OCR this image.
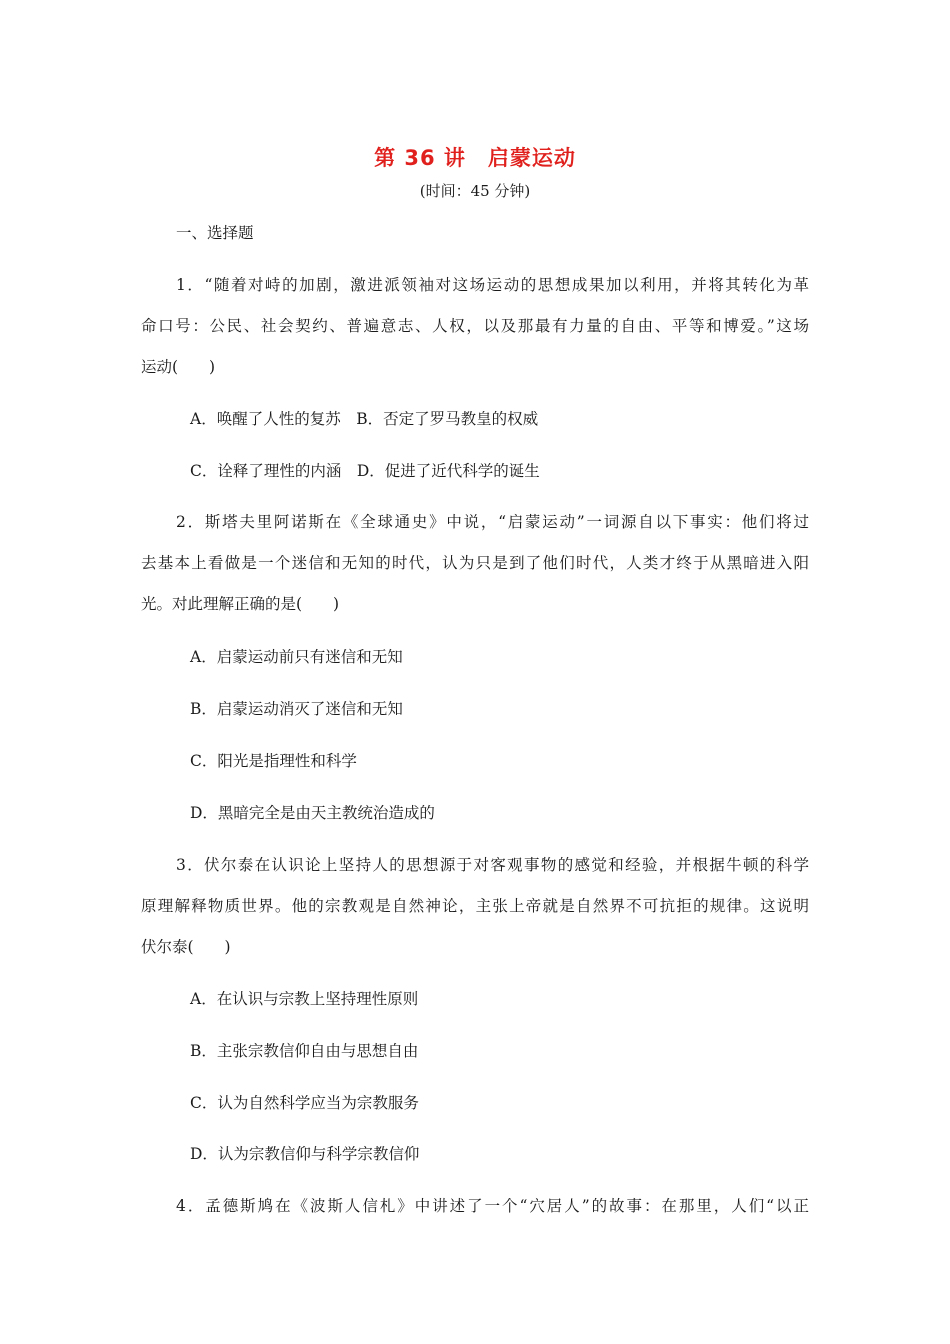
第 36 讲　启蒙运动
(时间：45 分钟)
一、选择题
1．“随着对峙的加剧，激进派领袖对这场运动的思想成果加以利用，并将其转化为革
命口号：公民、社会契约、普遍意志、人权，以及那最有力量的自由、平等和博爱。”这场
运动(　　)
A．唤醒了人性的复苏　B．否定了罗马教皇的权威
C．诠释了理性的内涵　D．促进了近代科学的诞生
2．斯塔夫里阿诺斯在《全球通史》中说，“启蒙运动”一词源自以下事实：他们将过
去基本上看做是一个迷信和无知的时代，认为只是到了他们时代，人类才终于从黑暗进入阳
光。对此理解正确的是(　　)
A．启蒙运动前只有迷信和无知
B．启蒙运动消灭了迷信和无知
C．阳光是指理性和科学
D．黑暗完全是由天主教统治造成的
3．伏尔泰在认识论上坚持人的思想源于对客观事物的感觉和经验，并根据牛顿的科学
原理解释物质世界。他的宗教观是自然神论，主张上帝就是自然界不可抗拒的规律。这说明
伏尔泰(　　)
A．在认识与宗教上坚持理性原则
B．主张宗教信仰自由与思想自由
C．认为自然科学应当为宗教服务
D．认为宗教信仰与科学宗教信仰
4．孟德斯鸠在《波斯人信札》中讲述了一个“穴居人”的故事：在那里，人们“以正
